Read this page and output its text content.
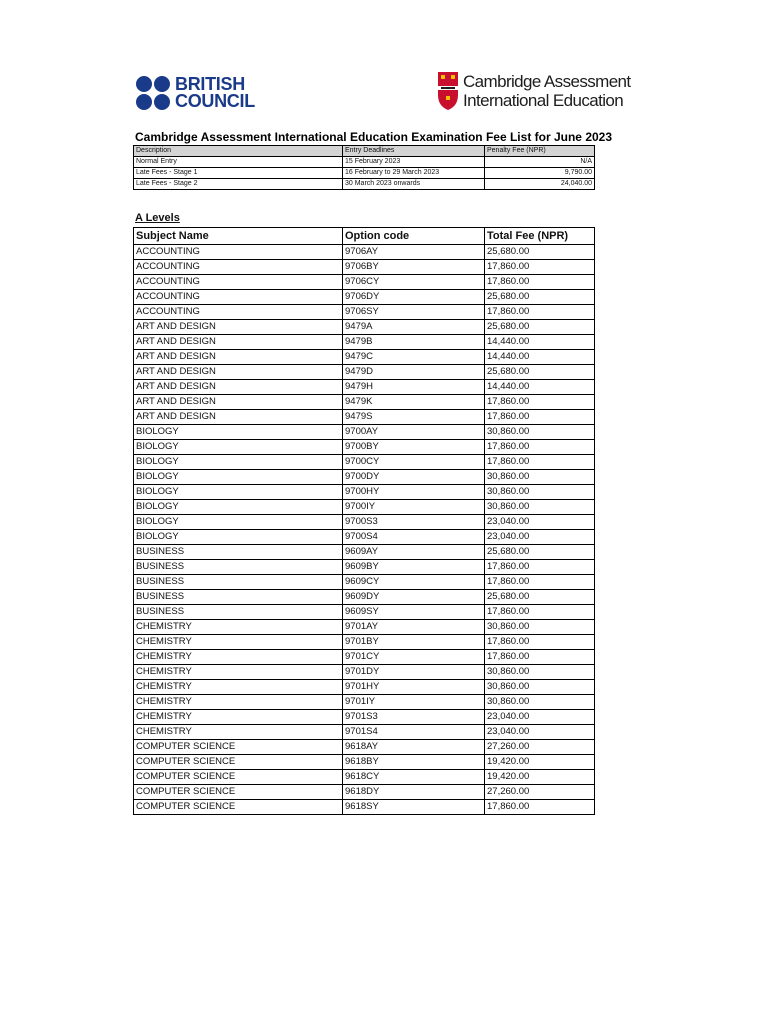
BRITISH
COUNCIL
Cambridge Assessment
International Education
Cambridge Assessment International Education Examination Fee List for June 2023
Description	Entry Deadlines	Penalty Fee (NPR)
Normal Entry	15 February 2023	N/A
Late Fees - Stage 1	16 February to 29 March 2023	9,790.00
Late Fees - Stage 2	30 March 2023 onwards	24,040.00
A Levels
Subject Name	Option code	Total Fee (NPR)
ACCOUNTING	9706AY	25,680.00
ACCOUNTING	9706BY	17,860.00
ACCOUNTING	9706CY	17,860.00
ACCOUNTING	9706DY	25,680.00
ACCOUNTING	9706SY	17,860.00
ART AND DESIGN	9479A	25,680.00
ART AND DESIGN	9479B	14,440.00
ART AND DESIGN	9479C	14,440.00
ART AND DESIGN	9479D	25,680.00
ART AND DESIGN	9479H	14,440.00
ART AND DESIGN	9479K	17,860.00
ART AND DESIGN	9479S	17,860.00
BIOLOGY	9700AY	30,860.00
BIOLOGY	9700BY	17,860.00
BIOLOGY	9700CY	17,860.00
BIOLOGY	9700DY	30,860.00
BIOLOGY	9700HY	30,860.00
BIOLOGY	9700IY	30,860.00
BIOLOGY	9700S3	23,040.00
BIOLOGY	9700S4	23,040.00
BUSINESS	9609AY	25,680.00
BUSINESS	9609BY	17,860.00
BUSINESS	9609CY	17,860.00
BUSINESS	9609DY	25,680.00
BUSINESS	9609SY	17,860.00
CHEMISTRY	9701AY	30,860.00
CHEMISTRY	9701BY	17,860.00
CHEMISTRY	9701CY	17,860.00
CHEMISTRY	9701DY	30,860.00
CHEMISTRY	9701HY	30,860.00
CHEMISTRY	9701IY	30,860.00
CHEMISTRY	9701S3	23,040.00
CHEMISTRY	9701S4	23,040.00
COMPUTER SCIENCE	9618AY	27,260.00
COMPUTER SCIENCE	9618BY	19,420.00
COMPUTER SCIENCE	9618CY	19,420.00
COMPUTER SCIENCE	9618DY	27,260.00
COMPUTER SCIENCE	9618SY	17,860.00
